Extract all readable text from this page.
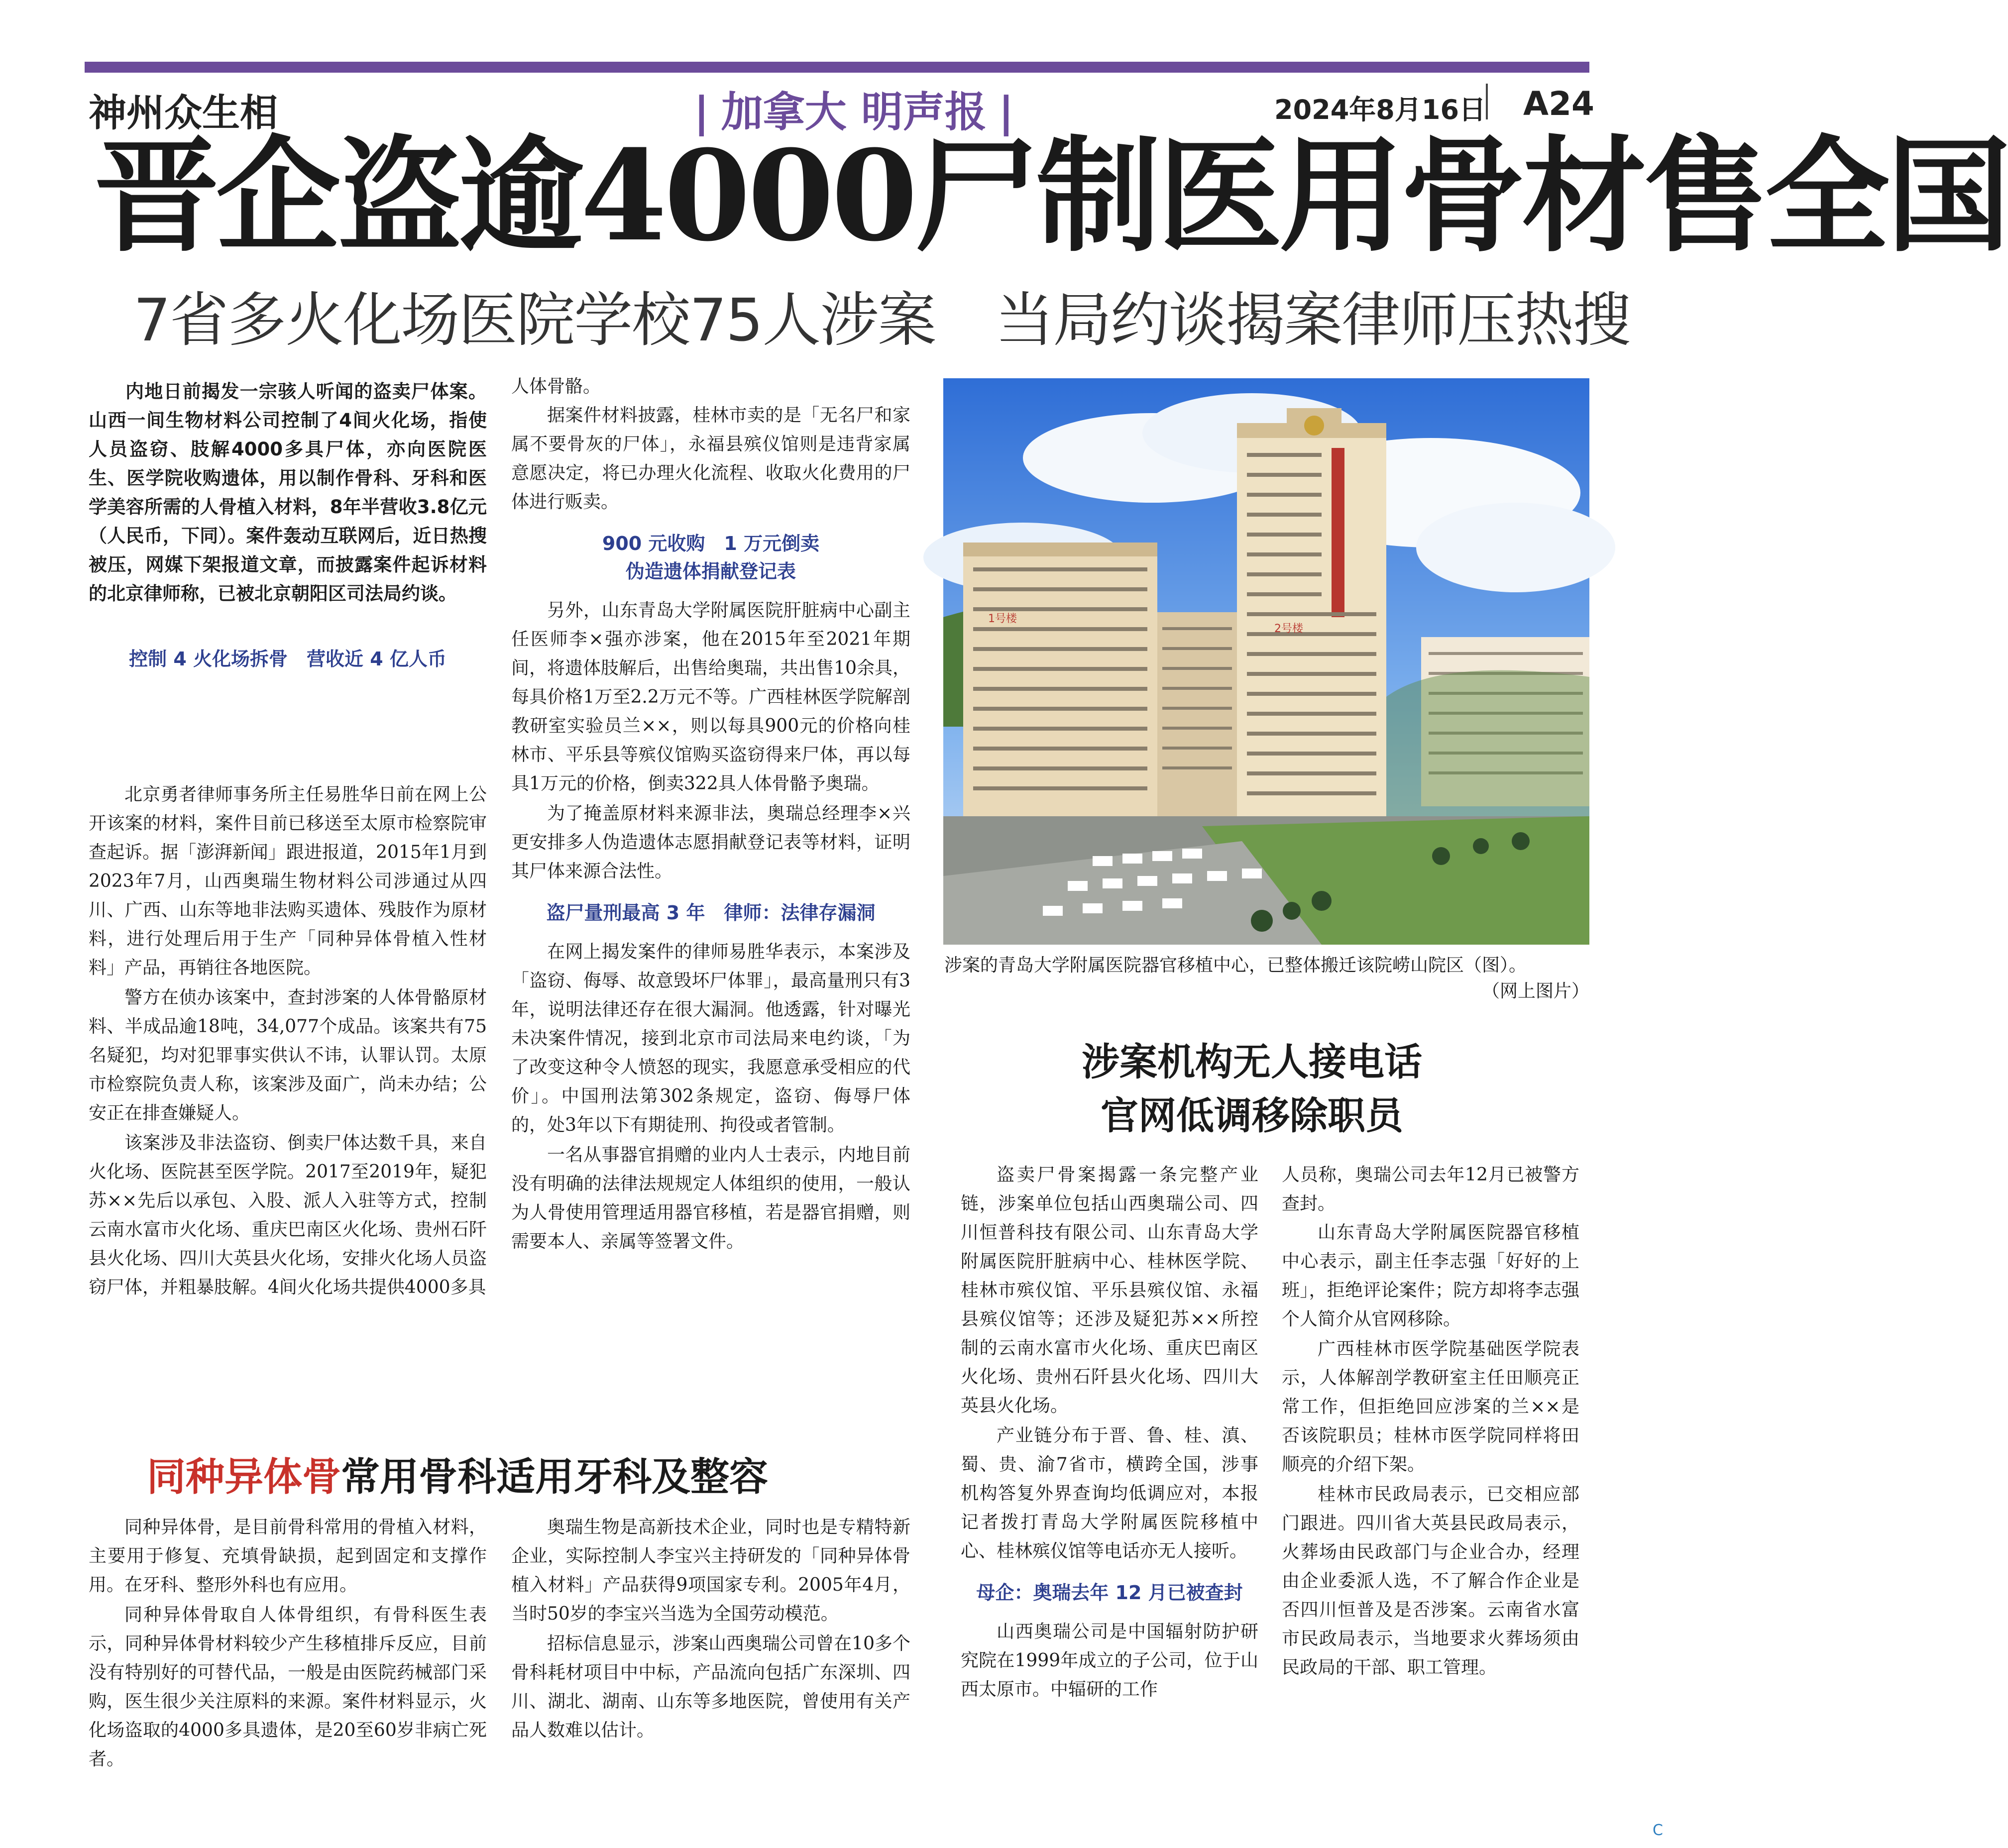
神州众生相	| 加拿大 明声报 |	2024年8月16日 A24
晋企盗逾4000尸制医用骨材售全国
7省多火化场医院学校75人涉案 当局约谈揭案律师压热搜

内地日前揭发一宗骇人听闻的盗卖尸体案。山西一间生物材料公司控制了4间火化场，指使人员盗窃、肢解4000多具尸体，亦向医院医生、医学院收购遗体，用以制作骨科、牙科和医学美容所需的人骨植入材料，8年半营收3.8亿元（人民币，下同）。案件轰动互联网后，近日热搜被压，网媒下架报道文章，而披露案件起诉材料的北京律师称，已被北京朝阳区司法局约谈。

控制 4 火化场拆骨　营收近 4 亿人币

北京勇者律师事务所主任易胜华日前在网上公开该案的材料，案件目前已移送至太原市检察院审查起诉。据「澎湃新闻」跟进报道，2015年1月到2023年7月，山西奥瑞生物材料公司涉通过从四川、广西、山东等地非法购买遗体、残肢作为原材料，进行处理后用于生产「同种异体骨植入性材料」产品，再销往各地医院。

警方在侦办该案中，查封涉案的人体骨骼原材料、半成品逾18吨，34,077个成品。该案共有75名疑犯，均对犯罪事实供认不讳，认罪认罚。太原市检察院负责人称，该案涉及面广，尚未办结；公安正在排查嫌疑人。

该案涉及非法盗窃、倒卖尸体达数千具，来自火化场、医院甚至医学院。2017至2019年，疑犯苏××先后以承包、入股、派人入驻等方式，控制云南水富市火化场、重庆巴南区火化场、贵州石阡县火化场、四川大英县火化场，安排火化场人员盗窃尸体，并粗暴肢解。4间火化场共提供4000多具

人体骨骼。

据案件材料披露，桂林市卖的是「无名尸和家属不要骨灰的尸体」，永福县殡仪馆则是违背家属意愿决定，将已办理火化流程、收取火化费用的尸体进行贩卖。

900 元收购　1 万元倒卖
伪造遗体捐献登记表

另外，山东青岛大学附属医院肝脏病中心副主任医师李×强亦涉案，他在2015年至2021年期间，将遗体肢解后，出售给奥瑞，共出售10余具，每具价格1万至2.2万元不等。广西桂林医学院解剖教研室实验员兰××，则以每具900元的价格向桂林市、平乐县等殡仪馆购买盗窃得来尸体，再以每具1万元的价格，倒卖322具人体骨骼予奥瑞。

为了掩盖原材料来源非法，奥瑞总经理李×兴更安排多人伪造遗体志愿捐献登记表等材料，证明其尸体来源合法性。

盗尸量刑最高 3 年　律师：法律存漏洞

在网上揭发案件的律师易胜华表示，本案涉及「盗窃、侮辱、故意毁坏尸体罪」，最高量刑只有3年，说明法律还存在很大漏洞。他透露，针对曝光未决案件情况，接到北京市司法局来电约谈，「为了改变这种令人愤怒的现实，我愿意承受相应的代价」。中国刑法第302条规定，盗窃、侮辱尸体的，处3年以下有期徒刑、拘役或者管制。

一名从事器官捐赠的业内人士表示，内地目前没有明确的法律法规规定人体组织的使用，一般认为人骨使用管理适用器官移植，若是器官捐赠，则需要本人、亲属等签署文件。

1号楼
2号楼
涉案的青岛大学附属医院器官移植中心，已整体搬迁该院崂山院区（图）。
（网上图片）
涉案机构无人接电话
官网低调移除职员

盗卖尸骨案揭露一条完整产业链，涉案单位包括山西奥瑞公司、四川恒普科技有限公司、山东青岛大学附属医院肝脏病中心、桂林医学院、桂林市殡仪馆、平乐县殡仪馆、永福县殡仪馆等；还涉及疑犯苏××所控制的云南水富市火化场、重庆巴南区火化场、贵州石阡县火化场、四川大英县火化场。

产业链分布于晋、鲁、桂、滇、蜀、贵、渝7省市，横跨全国，涉事机构答复外界查询均低调应对，本报记者拨打青岛大学附属医院移植中心、桂林殡仪馆等电话亦无人接听。

母企：奥瑞去年 12 月已被查封

山西奥瑞公司是中国辐射防护研究院在1999年成立的子公司，位于山西太原市。中辐研的工作

人员称，奥瑞公司去年12月已被警方查封。

山东青岛大学附属医院器官移植中心表示，副主任李志强「好好的上班」，拒绝评论案件；院方却将李志强个人简介从官网移除。

广西桂林市医学院基础医学院表示，人体解剖学教研室主任田顺亮正常工作，但拒绝回应涉案的兰××是否该院职员；桂林市医学院同样将田顺亮的介绍下架。

桂林市民政局表示，已交相应部门跟进。四川省大英县民政局表示，火葬场由民政部门与企业合办，经理由企业委派人选，不了解合作企业是否四川恒普及是否涉案。云南省水富市民政局表示，当地要求火葬场须由民政局的干部、职工管理。

同种异体骨常用骨科适用牙科及整容

同种异体骨，是目前骨科常用的骨植入材料，主要用于修复、充填骨缺损，起到固定和支撑作用。在牙科、整形外科也有应用。

同种异体骨取自人体骨组织，有骨科医生表示，同种异体骨材料较少产生移植排斥反应，目前没有特别好的可替代品，一般是由医院药械部门采购，医生很少关注原料的来源。案件材料显示，火化场盗取的4000多具遗体，是20至60岁非病亡死者。

奥瑞生物是高新技术企业，同时也是专精特新企业，实际控制人李宝兴主持研发的「同种异体骨植入材料」产品获得9项国家专利。2005年4月，当时50岁的李宝兴当选为全国劳动模范。

招标信息显示，涉案山西奥瑞公司曾在10多个骨科耗材项目中中标，产品流向包括广东深圳、四川、湖北、湖南、山东等多地医院，曾使用有关产品人数难以估计。

C
